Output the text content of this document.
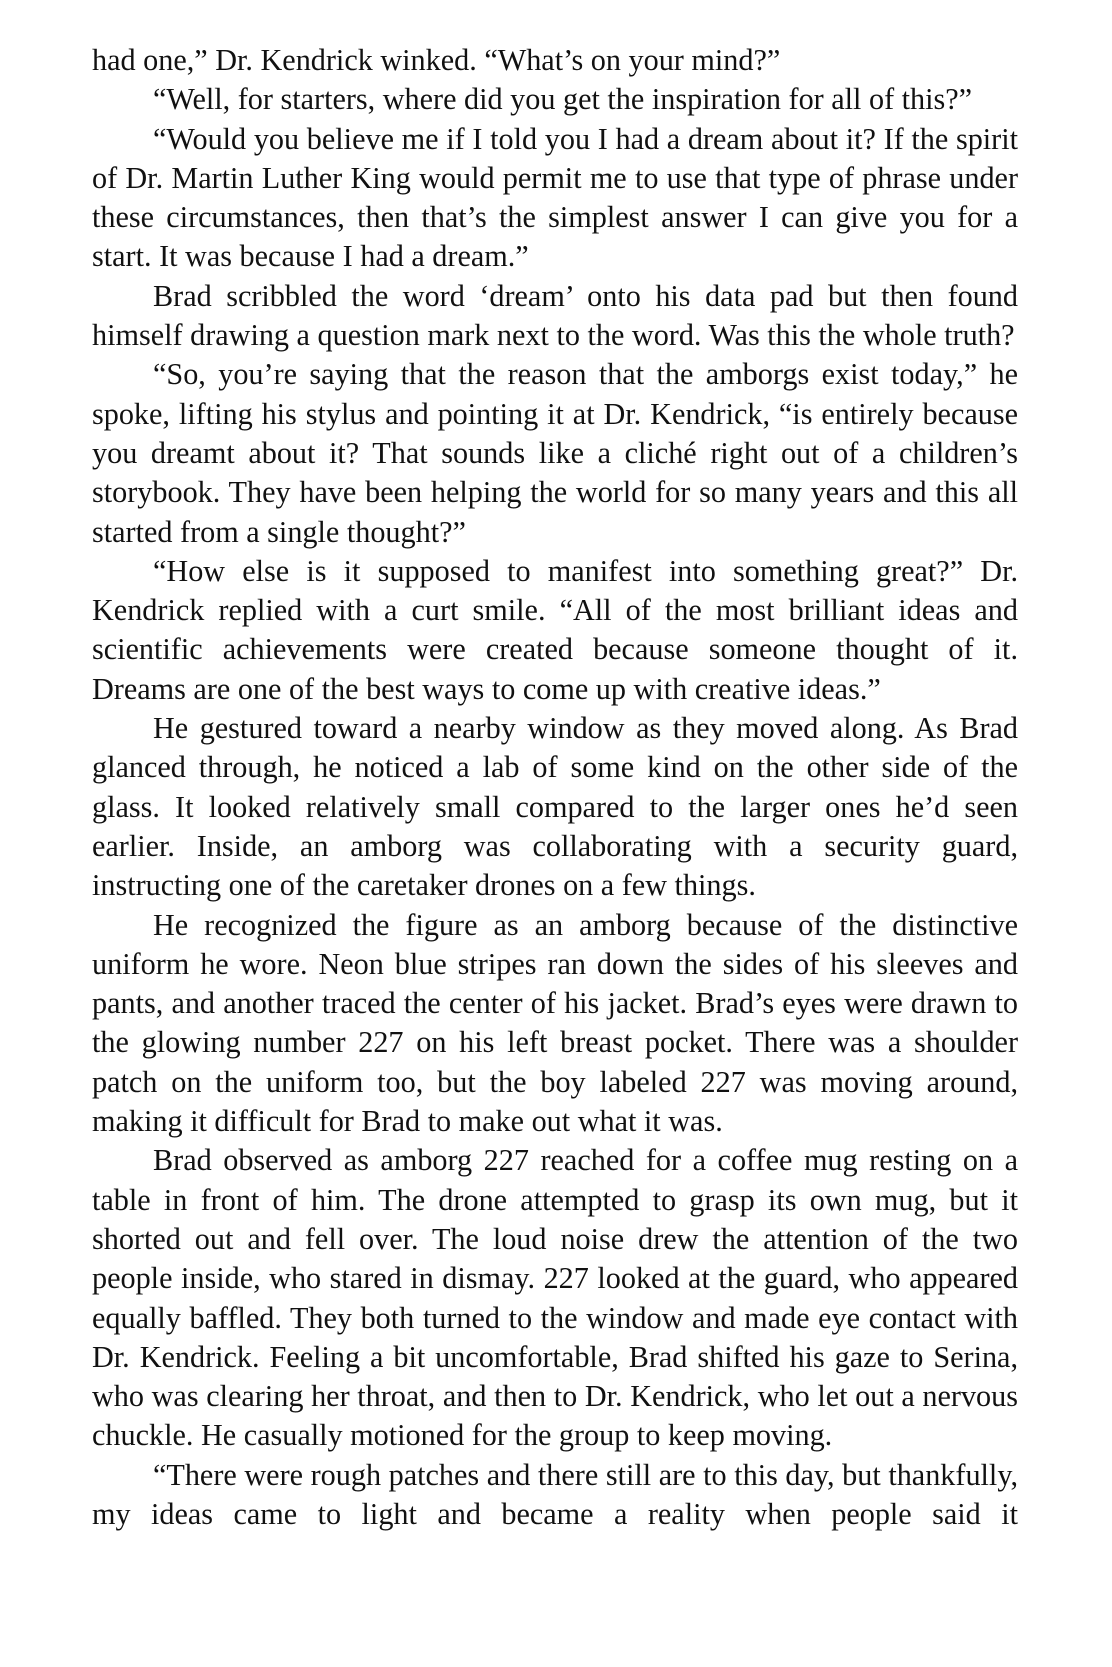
had one,” Dr. Kendrick winked. “What’s on your mind?”

“Well, for starters, where did you get the inspiration for all of this?”

“Would you believe me if I told you I had a dream about it? If the spirit of Dr. Martin Luther King would permit me to use that type of phrase under these circumstances, then that’s the simplest answer I can give you for a start. It was because I had a dream.”

Brad scribbled the word ‘dream’ onto his data pad but then found himself drawing a question mark next to the word. Was this the whole truth?

“So, you’re saying that the reason that the amborgs exist today,” he spoke, lifting his stylus and pointing it at Dr. Kendrick, “is entirely because you dreamt about it? That sounds like a cliché right out of a children’s storybook. They have been helping the world for so many years and this all started from a single thought?”

“How else is it supposed to manifest into something great?” Dr. Kendrick replied with a curt smile. “All of the most brilliant ideas and scientific achievements were created because someone thought of it. Dreams are one of the best ways to come up with creative ideas.”

He gestured toward a nearby window as they moved along. As Brad glanced through, he noticed a lab of some kind on the other side of the glass. It looked relatively small compared to the larger ones he’d seen earlier. Inside, an amborg was collaborating with a security guard, instructing one of the caretaker drones on a few things.

He recognized the figure as an amborg because of the distinctive uniform he wore. Neon blue stripes ran down the sides of his sleeves and pants, and another traced the center of his jacket. Brad’s eyes were drawn to the glowing number 227 on his left breast pocket. There was a shoulder patch on the uniform too, but the boy labeled 227 was moving around, making it difficult for Brad to make out what it was.

Brad observed as amborg 227 reached for a coffee mug resting on a table in front of him. The drone attempted to grasp its own mug, but it shorted out and fell over. The loud noise drew the attention of the two people inside, who stared in dismay. 227 looked at the guard, who appeared equally baffled. They both turned to the window and made eye contact with Dr. Kendrick. Feeling a bit uncomfortable, Brad shifted his gaze to Serina, who was clearing her throat, and then to Dr. Kendrick, who let out a nervous chuckle. He casually motioned for the group to keep moving.

“There were rough patches and there still are to this day, but thankfully, my ideas came to light and became a reality when people said it
